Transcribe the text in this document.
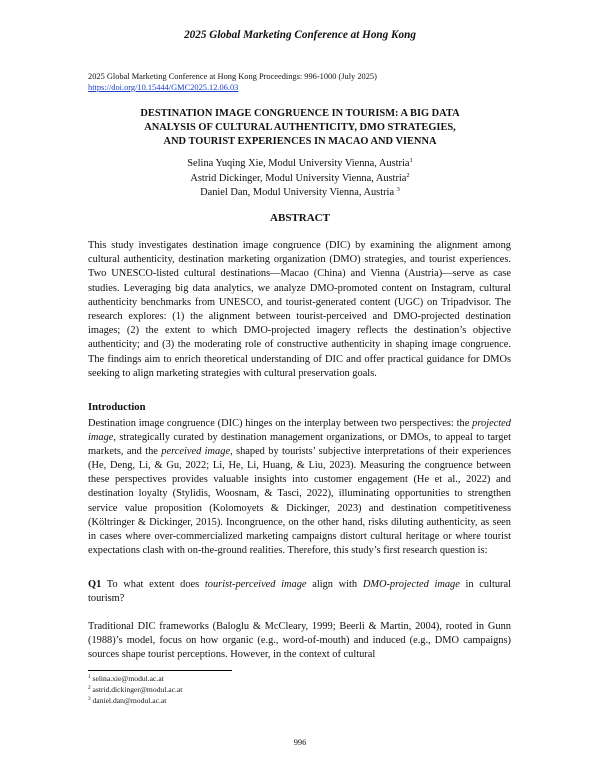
2025 Global Marketing Conference at Hong Kong
2025 Global Marketing Conference at Hong Kong Proceedings: 996-1000 (July 2025)
https://doi.org/10.15444/GMC2025.12.06.03
DESTINATION IMAGE CONGRUENCE IN TOURISM: A BIG DATA
ANALYSIS OF CULTURAL AUTHENTICITY, DMO STRATEGIES,
AND TOURIST EXPERIENCES IN MACAO AND VIENNA
Selina Yuqing Xie, Modul University Vienna, Austria$^1$
Astrid Dickinger, Modul University Vienna, Austria$^2$
Daniel Dan, Modul University Vienna, Austria $^3$
ABSTRACT

This study investigates destination image congruence (DIC) by examining the alignment among cultural authenticity, destination marketing organization (DMO) strategies, and tourist experiences. Two UNESCO-listed cultural destinations—Macao (China) and Vienna (Austria)—serve as case studies. Leveraging big data analytics, we analyze DMO-promoted content on Instagram, cultural authenticity benchmarks from UNESCO, and tourist-generated content (UGC) on Tripadvisor. The research explores: (1) the alignment between tourist-perceived and DMO-projected destination images; (2) the extent to which DMO-projected imagery reflects the destination’s objective authenticity; and (3) the moderating role of constructive authenticity in shaping image congruence. The findings aim to enrich theoretical understanding of DIC and offer practical guidance for DMOs seeking to align marketing strategies with cultural preservation goals.

Introduction

Destination image congruence (DIC) hinges on the interplay between two perspectives: the projected image, strategically curated by destination management organizations, or DMOs, to appeal to target markets, and the perceived image, shaped by tourists’ subjective interpretations of their experiences (He, Deng, Li, & Gu, 2022; Li, He, Li, Huang, & Liu, 2023). Measuring the congruence between these perspectives provides valuable insights into customer engagement (He et al., 2022) and destination loyalty (Stylidis, Woosnam, & Tasci, 2022), illuminating opportunities to strengthen service value proposition (Kolomoyets & Dickinger, 2023) and destination competitiveness (Költringer & Dickinger, 2015). Incongruence, on the other hand, risks diluting authenticity, as seen in cases where over-commercialized marketing campaigns distort cultural heritage or where tourist expectations clash with on-the-ground realities. Therefore, this study’s first research question is:

Q1 To what extent does tourist-perceived image align with DMO-projected image in cultural tourism?

Traditional DIC frameworks (Baloglu & McCleary, 1999; Beerli & Martin, 2004), rooted in Gunn (1988)’s model, focus on how organic (e.g., word-of-mouth) and induced (e.g., DMO campaigns) sources shape tourist perceptions. However, in the context of cultural

$^1$ selina.xie@modul.ac.at
$^2$ astrid.dickinger@modul.ac.at
$^3$ daniel.dan@modul.ac.at
996
